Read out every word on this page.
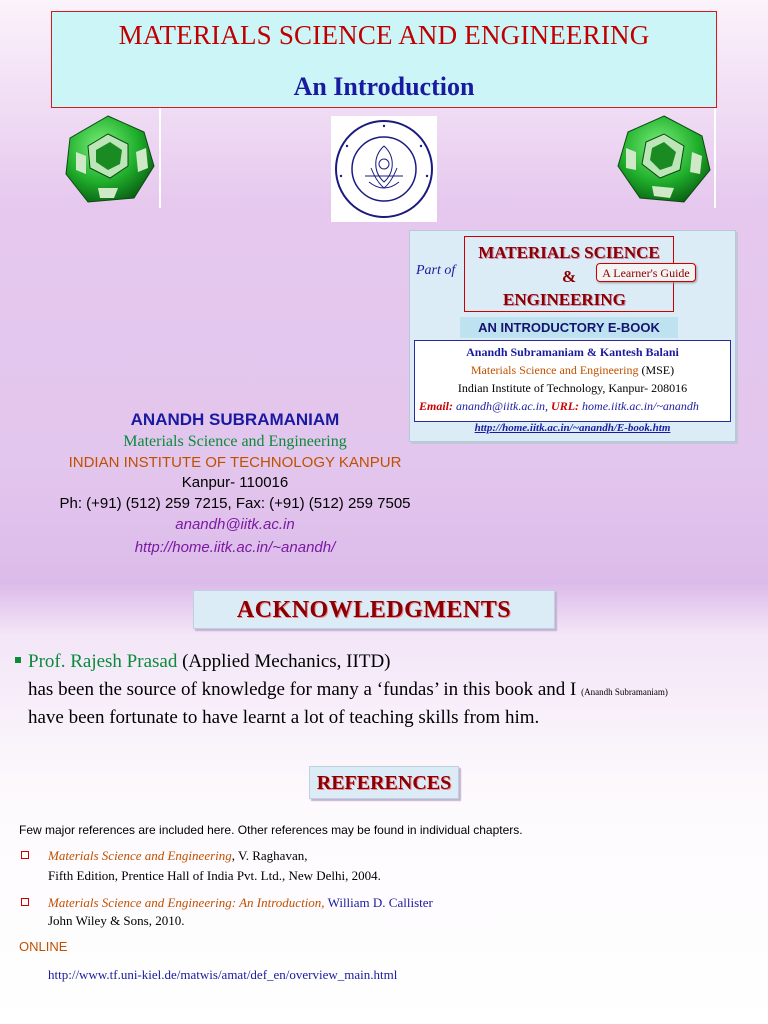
MATERIALS SCIENCE AND ENGINEERING
An Introduction
Part of
MATERIALS SCIENCE
&
ENGINEERING
A Learner's Guide
AN INTRODUCTORY E-BOOK
Anandh Subramaniam & Kantesh Balani
Materials Science and Engineering (MSE)
Indian Institute of Technology, Kanpur- 208016
Email: anandh@iitk.ac.in, URL: home.iitk.ac.in/~anandh
http://home.iitk.ac.in/~anandh/E-book.htm
ANANDH SUBRAMANIAM
Materials Science and Engineering
INDIAN INSTITUTE OF TECHNOLOGY KANPUR
Kanpur- 110016
Ph: (+91) (512) 259 7215, Fax: (+91) (512) 259 7505
anandh@iitk.ac.in
http://home.iitk.ac.in/~anandh/
ACKNOWLEDGMENTS
Prof. Rajesh Prasad (Applied Mechanics, IITD)
has been the source of knowledge for many a ‘fundas’ in this book and I (Anandh Subramaniam)
have been fortunate to have learnt a lot of teaching skills from him.
REFERENCES
Few major references are included here. Other references may be found in individual chapters.
Materials Science and Engineering, V. Raghavan,
Fifth Edition, Prentice Hall of India Pvt. Ltd., New Delhi, 2004.
Materials Science and Engineering: An Introduction, William D. Callister
John Wiley & Sons, 2010.
ONLINE
http://www.tf.uni-kiel.de/matwis/amat/def_en/overview_main.html
